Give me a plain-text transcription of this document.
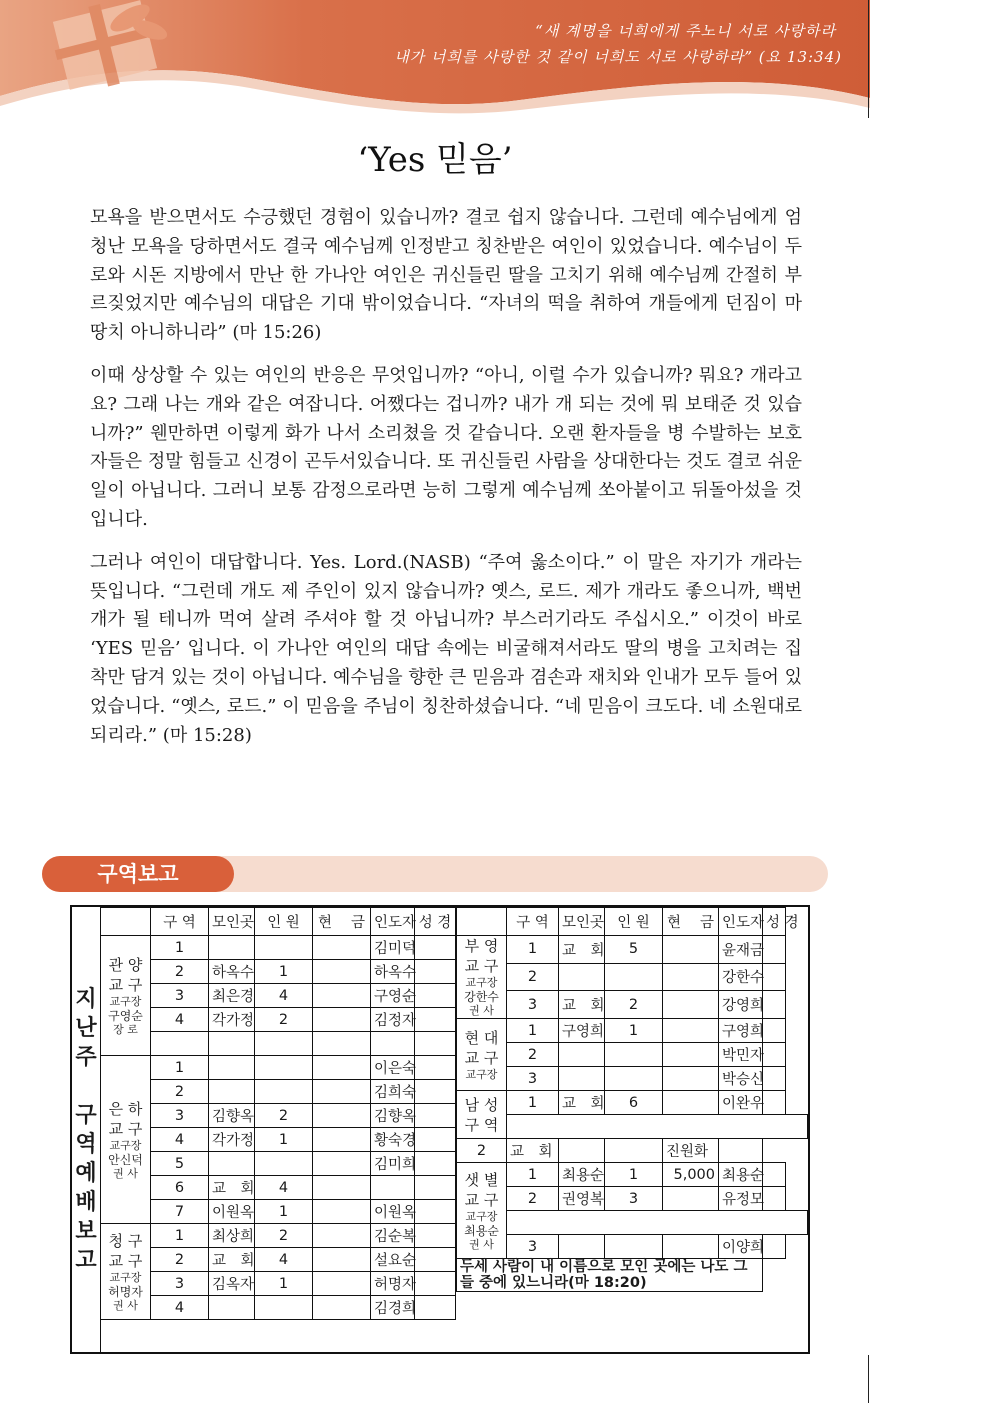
“새 계명을 너희에게 주노니 서로 사랑하라
내가 너희를 사랑한 것 같이 너희도 서로 사랑하라” (요 13:34)
‘Yes 믿음’

모욕을 받으면서도 수긍했던 경험이 있습니까? 결코 쉽지 않습니다. 그런데 예수님에게 엄청난 모욕을 당하면서도 결국 예수님께 인정받고 칭찬받은 여인이 있었습니다. 예수님이 두로와 시돈 지방에서 만난 한 가나안 여인은 귀신들린 딸을 고치기 위해 예수님께 간절히 부르짖었지만 예수님의 대답은 기대 밖이었습니다. “자녀의 떡을 취하여 개들에게 던짐이 마땅치 아니하니라” (마 15:26)

이때 상상할 수 있는 여인의 반응은 무엇입니까? “아니, 이럴 수가 있습니까? 뭐요? 개라고요? 그래 나는 개와 같은 여잡니다. 어쨌다는 겁니까? 내가 개 되는 것에 뭐 보태준 것 있습니까?” 웬만하면 이렇게 화가 나서 소리쳤을 것 같습니다. 오랜 환자들을 병 수발하는 보호자들은 정말 힘들고 신경이 곤두서있습니다. 또 귀신들린 사람을 상대한다는 것도 결코 쉬운 일이 아닙니다. 그러니 보통 감정으로라면 능히 그렇게 예수님께 쏘아붙이고 뒤돌아섰을 것입니다.

그러나 여인이 대답합니다. Yes. Lord.(NASB) “주여 옳소이다.” 이 말은 자기가 개라는 뜻입니다. “그런데 개도 제 주인이 있지 않습니까? 옛스, 로드. 제가 개라도 좋으니까, 백번 개가 될 테니까 먹여 살려 주셔야 할 것 아닙니까? 부스러기라도 주십시오.” 이것이 바로 ‘YES 믿음’ 입니다. 이 가나안 여인의 대답 속에는 비굴해져서라도 딸의 병을 고치려는 집착만 담겨 있는 것이 아닙니다. 예수님을 향한 큰 믿음과 겸손과 재치와 인내가 모두 들어 있었습니다. “옛스, 로드.” 이 믿음을 주님이 칭찬하셨습니다. “네 믿음이 크도다. 네 소원대로 되리라.” (마 15:28)

구역보고
지
난
주

구
역
예
배
보
고
	구 역	모인곳	인 원	현　 금	인도자	성 경

관 양
교 구
교구장
구영순
장 로	1				김미덕	
	2	하옥수	1		하옥수	
	3	최은경	4		구영순	
	4	각가정	2		김정자	

은 하
교 구
교구장
안신덕
권 사	1				이은숙	
	2				김희숙	
	3	김향옥	2		김향옥	
	4	각가정	1		황숙경	
	5				김미희	
	6	교　회	4			
	7	이원옥	1		이원옥	

청 구
교 구
교구장
허명자
권 사	1	최상희	2		김순복	
	2	교　회	4		설요순	
	3	김옥자	1		허명자	
	4				김경희	
	구 역	모인곳	인 원	현　 금	인도자	성 경

부 영
교 구
교구장
강한수
권 사	1	교　회	5		윤재금	
	2				강한수	
	3	교　회	2		강영희	

현 대
교 구
교구장	1	구영희	1		구영희	
	2				박민자	
	3				박승신	

남 성
구 역	1	교　회	6		이완우	

2	교　회			진원화		

샛 별
교 구
교구장
최용순
권 사	1	최용순	1	5,000	최용순	
	2	권영복	3		유정모	

	3				이양희	
두세 사람이 내 이름으로 모인 곳에는 나도 그들 중에 있느니라(마 18:20)						
